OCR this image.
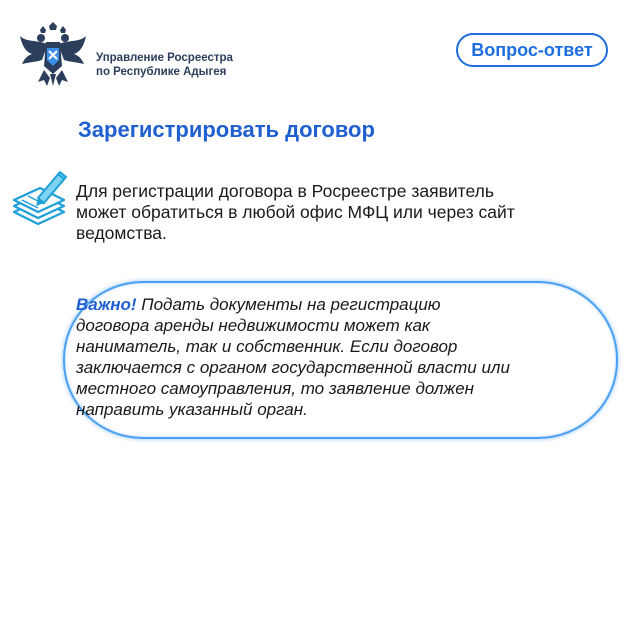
Управление Росреестра
по Республике Адыгея
Вопрос-ответ
Зарегистрировать договор
Для регистрации договора в Росреестре заявитель
может обратиться в любой офис МФЦ или через сайт
ведомства.
Важно! Подать документы на регистрацию
договора аренды недвижимости может как
наниматель, так и собственник. Если договор
заключается с органом государственной власти или
местного самоуправления, то заявление должен
направить указанный орган.
